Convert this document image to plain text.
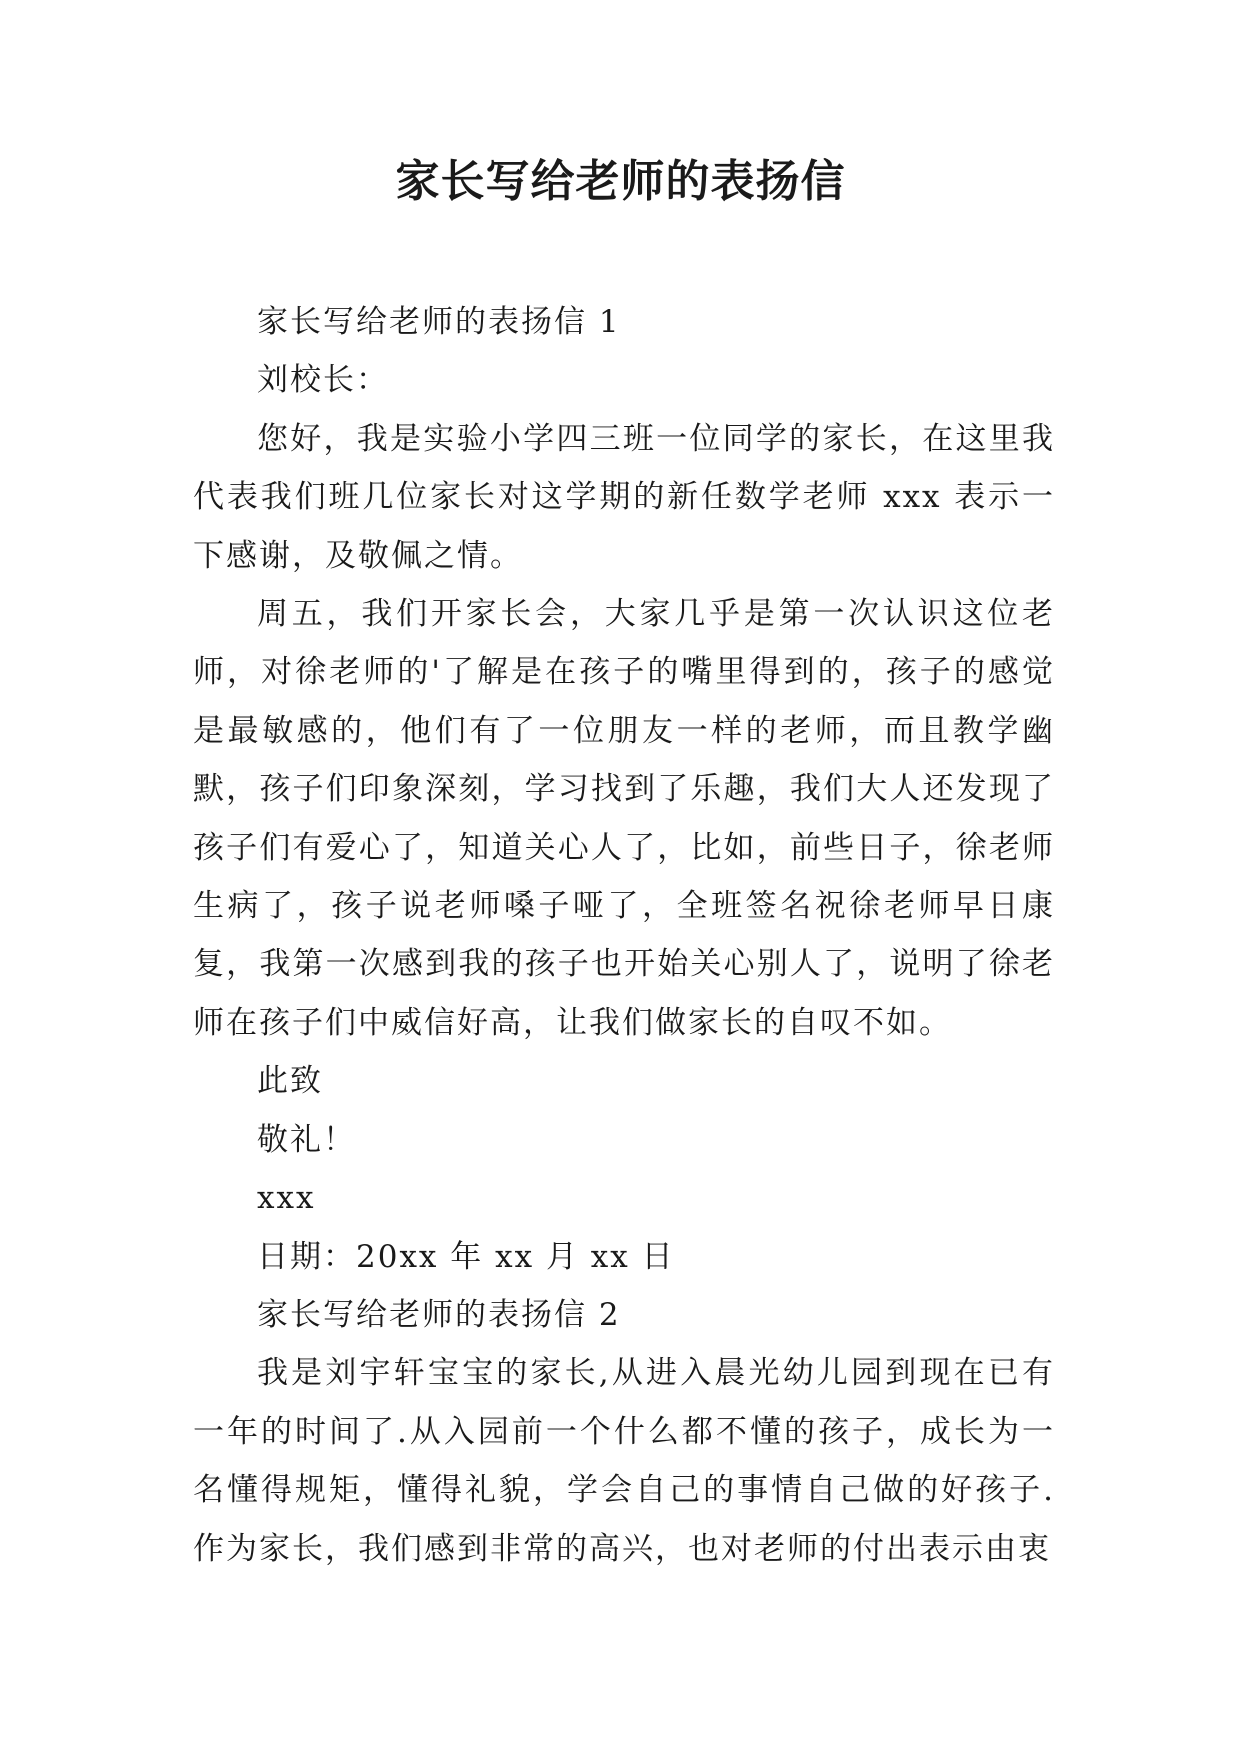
家长写给老师的表扬信

家长写给老师的表扬信 1

刘校长：

您好，我是实验小学四三班一位同学的家长，在这里我代表我们班几位家长对这学期的新任数学老师 xxx 表示一下感谢，及敬佩之情。

周五，我们开家长会，大家几乎是第一次认识这位老师，对徐老师的'了解是在孩子的嘴里得到的，孩子的感觉是最敏感的，他们有了一位朋友一样的老师，而且教学幽默，孩子们印象深刻，学习找到了乐趣，我们大人还发现了孩子们有爱心了，知道关心人了，比如，前些日子，徐老师生病了，孩子说老师嗓子哑了，全班签名祝徐老师早日康复，我第一次感到我的孩子也开始关心别人了，说明了徐老师在孩子们中威信好高，让我们做家长的自叹不如。

此致

敬礼！

xxx

日期：20xx 年 xx 月 xx 日

家长写给老师的表扬信 2

我是刘宇轩宝宝的家长,从进入晨光幼儿园到现在已有一年的时间了.从入园前一个什么都不懂的孩子，成长为一名懂得规矩，懂得礼貌，学会自己的事情自己做的好孩子.作为家长，我们感到非常的高兴，也对老师的付出表示由衷
